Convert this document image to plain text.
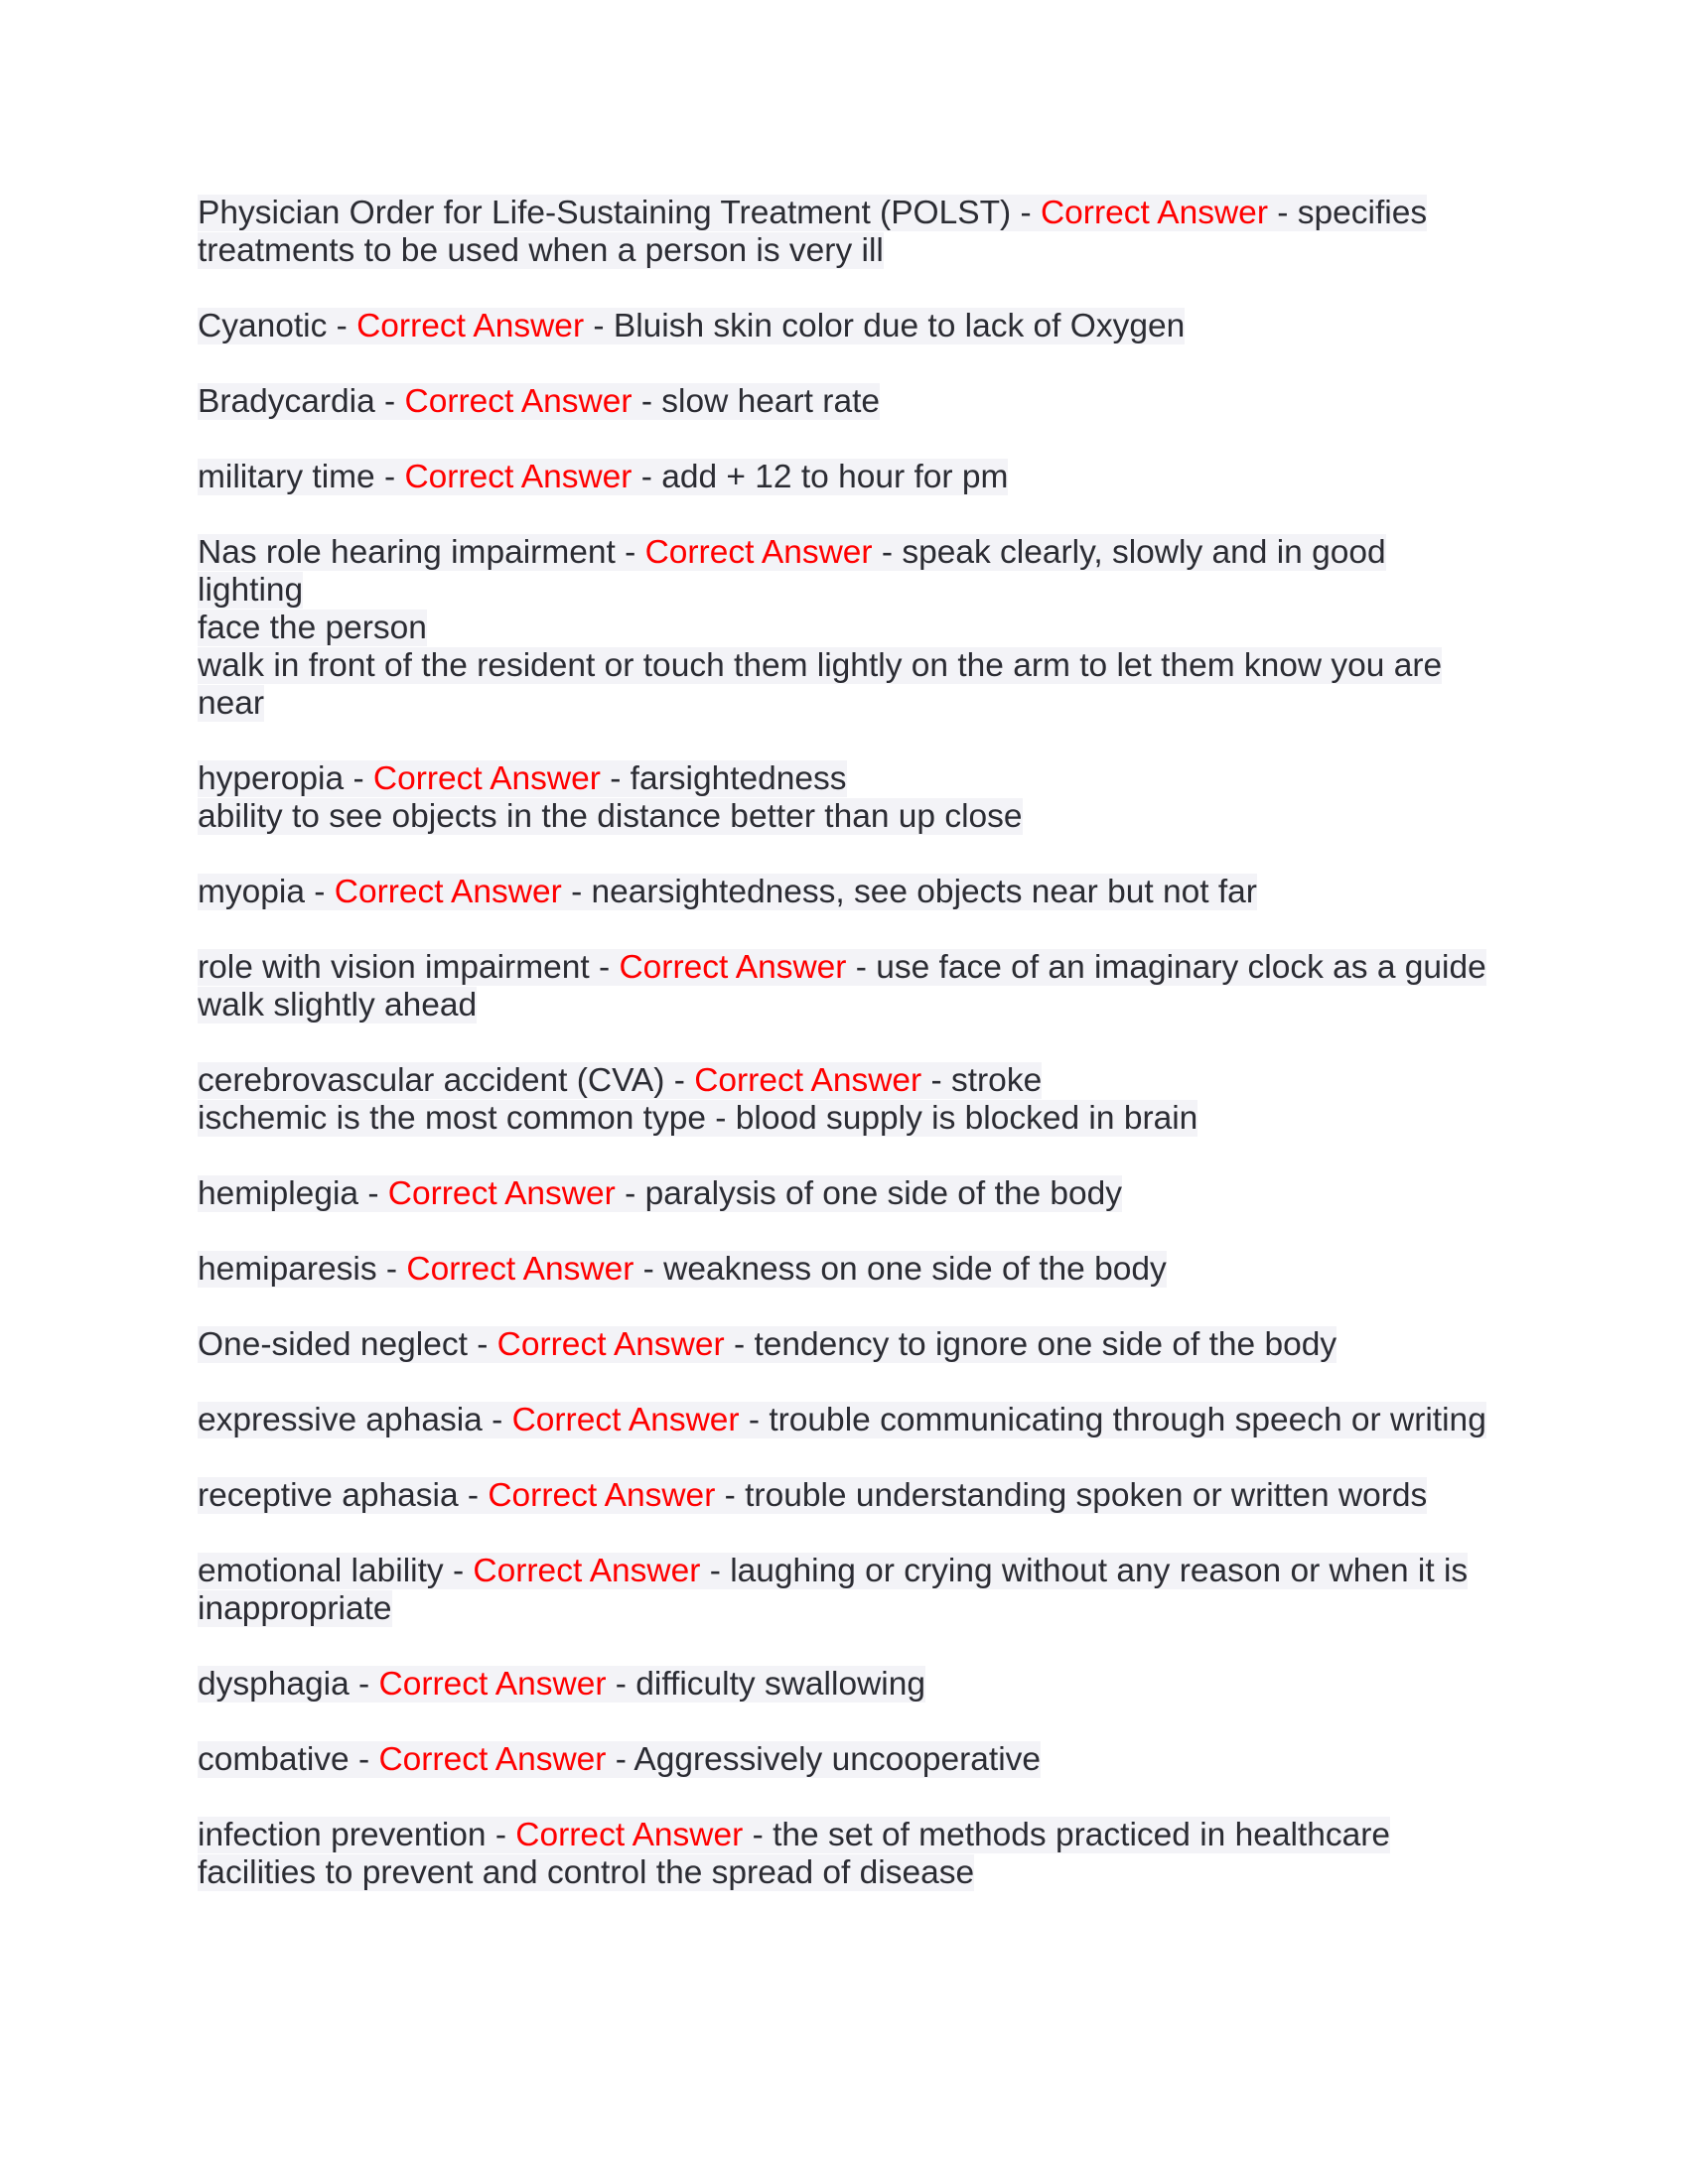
Physician Order for Life-Sustaining Treatment (POLST) - Correct Answer - specifies
treatments to be used when a person is very ill
Cyanotic - Correct Answer - Bluish skin color due to lack of Oxygen
Bradycardia - Correct Answer - slow heart rate
military time - Correct Answer - add + 12 to hour for pm
Nas role hearing impairment - Correct Answer - speak clearly, slowly and in good
lighting
face the person
walk in front of the resident or touch them lightly on the arm to let them know you are
near
hyperopia - Correct Answer - farsightedness
ability to see objects in the distance better than up close
myopia - Correct Answer - nearsightedness, see objects near but not far
role with vision impairment - Correct Answer - use face of an imaginary clock as a guide
walk slightly ahead
cerebrovascular accident (CVA) - Correct Answer - stroke
ischemic is the most common type - blood supply is blocked in brain
hemiplegia - Correct Answer - paralysis of one side of the body
hemiparesis - Correct Answer - weakness on one side of the body
One-sided neglect - Correct Answer - tendency to ignore one side of the body
expressive aphasia - Correct Answer - trouble communicating through speech or writing
receptive aphasia - Correct Answer - trouble understanding spoken or written words
emotional lability - Correct Answer - laughing or crying without any reason or when it is
inappropriate
dysphagia - Correct Answer - difficulty swallowing
combative - Correct Answer - Aggressively uncooperative
infection prevention - Correct Answer - the set of methods practiced in healthcare
facilities to prevent and control the spread of disease
